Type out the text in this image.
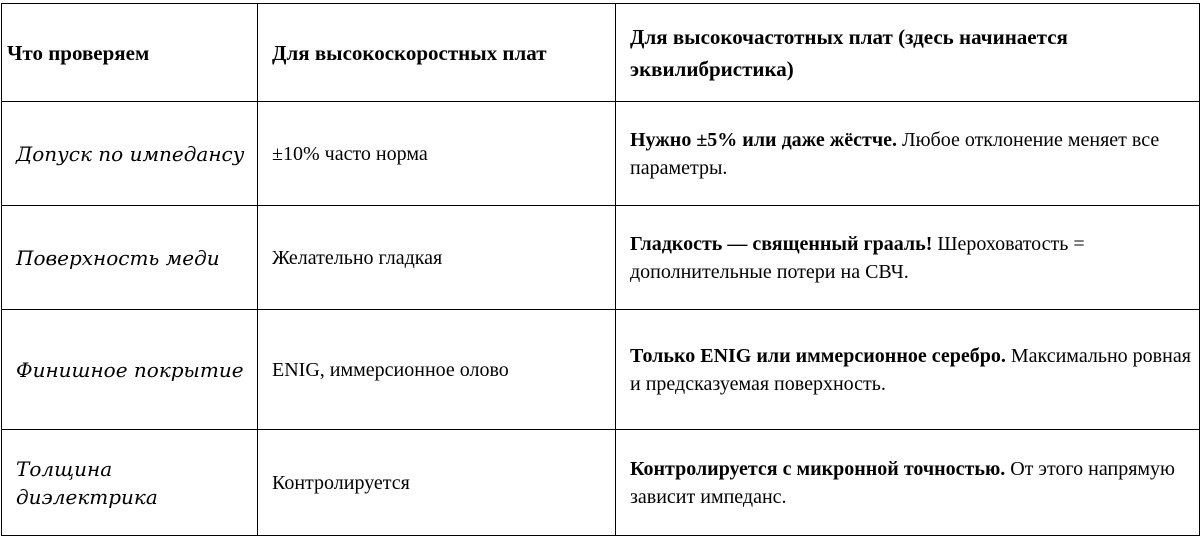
Что проверяем	Для высокоскоростных плат	Для высокочастотных плат (здесь начинается эквилибристика)
Допуск по импедансу	±10% часто норма	Нужно ±5% или даже жёстче. Любое отклонение меняет все параметры.
Поверхность меди	Желательно гладкая	Гладкость — священный грааль! Шероховатость = дополнительные потери на СВЧ.
Финишное покрытие	ENIG, иммерсионное олово	Только ENIG или иммерсионное серебро. Максимально ровная и предсказуемая поверхность.
Толщина диэлектрика	Контролируется	Контролируется с микронной точностью. От этого напрямую зависит импеданс.
